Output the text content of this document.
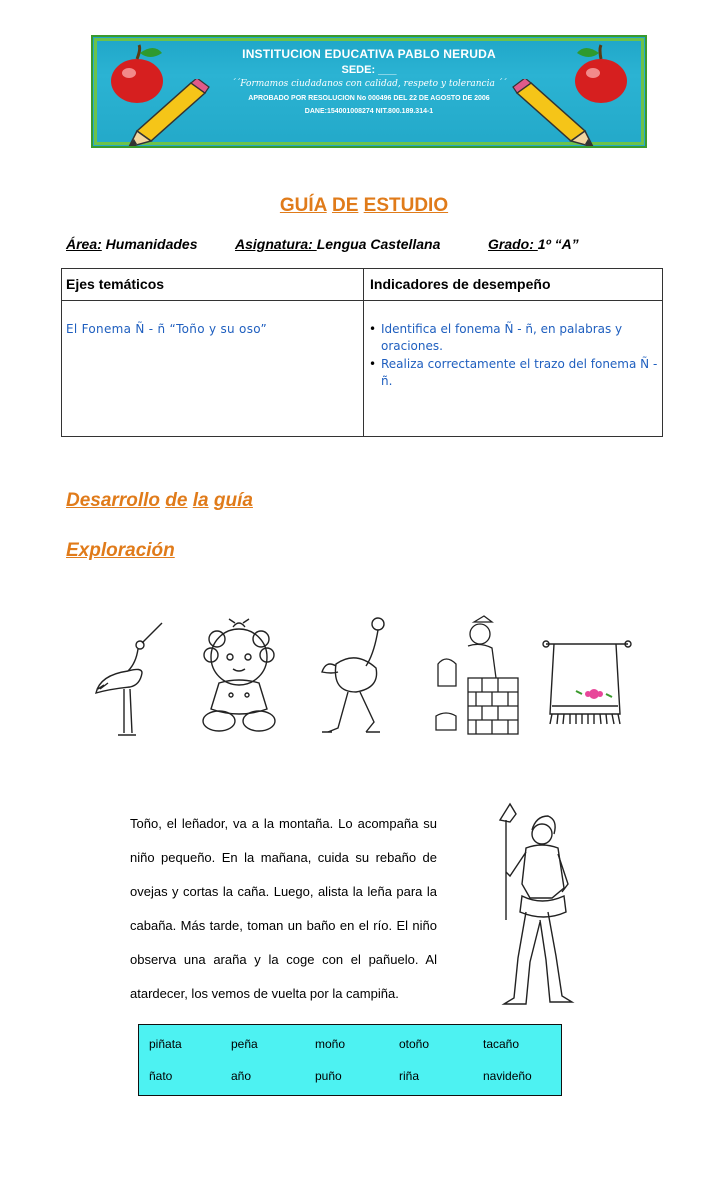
INSTITUCION EDUCATIVA PABLO NERUDA
SEDE: ___
´´Formamos ciudadanos con calidad, respeto y tolerancia ´´
APROBADO POR RESOLUCION No 000496 DEL 22 DE AGOSTO DE 2006
DANE:154001008274 NIT.800.189.314-1
GUÍA DE ESTUDIO
Área: Humanidades	Asignatura: Lengua Castellana	Grado: 1º “A”
Ejes temáticos	Indicadores de desempeño
El Fonema Ñ - ñ “Toño y su oso”
•	Identifica el fonema Ñ - ñ, en palabras y oraciones.
• Realiza correctamente el trazo del fonema Ñ - ñ.
Desarrollo de la guía
Exploración

Toño, el leñador, va a la montaña. Lo acompaña su

niño pequeño. En la mañana, cuida su rebaño de

ovejas y cortas la caña. Luego, alista la leña para la

cabaña. Más tarde, toman un baño en el río. El niño

observa una araña y la coge con el pañuelo. Al

atardecer, los vemos de vuelta por la campiña.

piñata	peña	moño	otoño	tacaño
ñato	año	puño	riña	navideño
